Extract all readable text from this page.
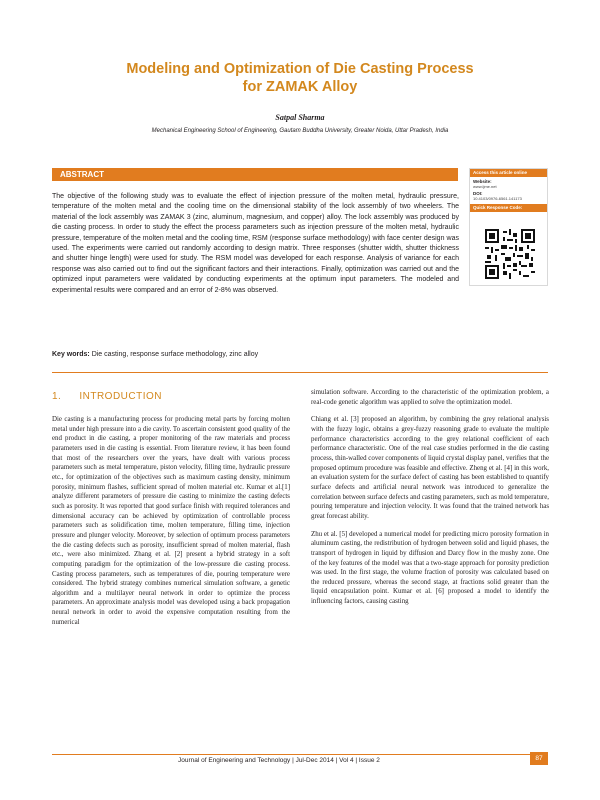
Modeling and Optimization of Die Casting Process
for ZAMAK Alloy
Satpal Sharma
Mechanical Engineering School of Engineering, Gautam Buddha University, Greater Noida, Uttar Pradesh, India
ABSTRACT
The objective of the following study was to evaluate the effect of injection pressure of the molten metal, hydraulic pressure, temperature of the molten metal and the cooling time on the dimensional stability of the lock assembly of two wheelers. The material of the lock assembly was ZAMAK 3 (zinc, aluminum, magnesium, and copper) alloy. The lock assembly was produced by die casting process. In order to study the effect the process parameters such as injection pressure of the molten metal, hydraulic pressure, temperature of the molten metal and the cooling time, RSM (response surface methodology) with face center design was used. The experiments were carried out randomly according to design matrix. Three responses (shutter width, shutter thickness and shutter hinge length) were used for study. The RSM model was developed for each response. Analysis of variance for each response was also carried out to find out the significant factors and their interactions. Finally, optimization was carried out and the optimized input parameters were validated by conducting experiments at the optimum input parameters. The modeled and experimental results were compared and an error of 2-8% was observed.
Key words: Die casting, response surface methodology, zinc alloy
Access this article online
Website:
www.ijme.net
DOI:
10.4103/0976-6561.141173
Quick Response Code:
1. INTRODUCTION

Die casting is a manufacturing process for producing metal parts by forcing molten metal under high pressure into a die cavity. To ascertain consistent good quality of the end product in die casting, a proper monitoring of the raw materials and process parameters used in die casting is essential. From literature review, it has been found that most of the researchers over the years, have dealt with various process parameters such as metal temperature, piston velocity, filling time, hydraulic pressure etc., for optimization of the objectives such as maximum casting density, minimum porosity, minimum flashes, sufficient spread of molten material etc. Kumar et al.[1] analyze different parameters of pressure die casting to minimize the casting defects such as porosity. It was reported that good surface finish with required tolerances and dimensional accuracy can be achieved by optimization of controllable process parameters such as solidification time, molten temperature, filling time, injection pressure and plunger velocity. Moreover, by selection of optimum process parameters the die casting defects such as porosity, insufficient spread of molten material, flash etc., were also minimized. Zhang et al. [2] present a hybrid strategy in a soft computing paradigm for the optimization of the low-pressure die casting process. Casting process parameters, such as temperatures of die, pouring temperature were considered. The hybrid strategy combines numerical simulation software, a genetic algorithm and a multilayer neural network in order to optimize the process parameters. An approximate analysis model was developed using a back propagation neural network in order to avoid the expensive computation resulting from the numerical

simulation software. According to the characteristic of the optimization problem, a real-code genetic algorithm was applied to solve the optimization model.

Chiang et al. [3] proposed an algorithm, by combining the grey relational analysis with the fuzzy logic, obtains a grey-fuzzy reasoning grade to evaluate the multiple performance characteristics according to the grey relational coefficient of each performance characteristic. One of the real case studies performed in the die casting process, thin-walled cover components of liquid crystal display panel, verifies that the proposed optimum procedure was feasible and effective. Zheng et al. [4] in this work, an evaluation system for the surface defect of casting has been established to quantify surface defects and artificial neural network was introduced to generalize the correlation between surface defects and casting parameters, such as mold temperature, pouring temperature and injection velocity. It was found that the trained network has great forecast ability.

Zhu et al. [5] developed a numerical model for predicting micro porosity formation in aluminum casting, the redistribution of hydrogen between solid and liquid phases, the transport of hydrogen in liquid by diffusion and Darcy flow in the mushy zone. One of the key features of the model was that a two-stage approach for porosity prediction was used. In the first stage, the volume fraction of porosity was calculated based on the reduced pressure, whereas the second stage, at fractions solid greater than the liquid encapsulation point. Kumar et al. [6] proposed a model to identify the influencing factors, causing casting

Journal of Engineering and Technology | Jul-Dec 2014 | Vol 4 | Issue 2	87
